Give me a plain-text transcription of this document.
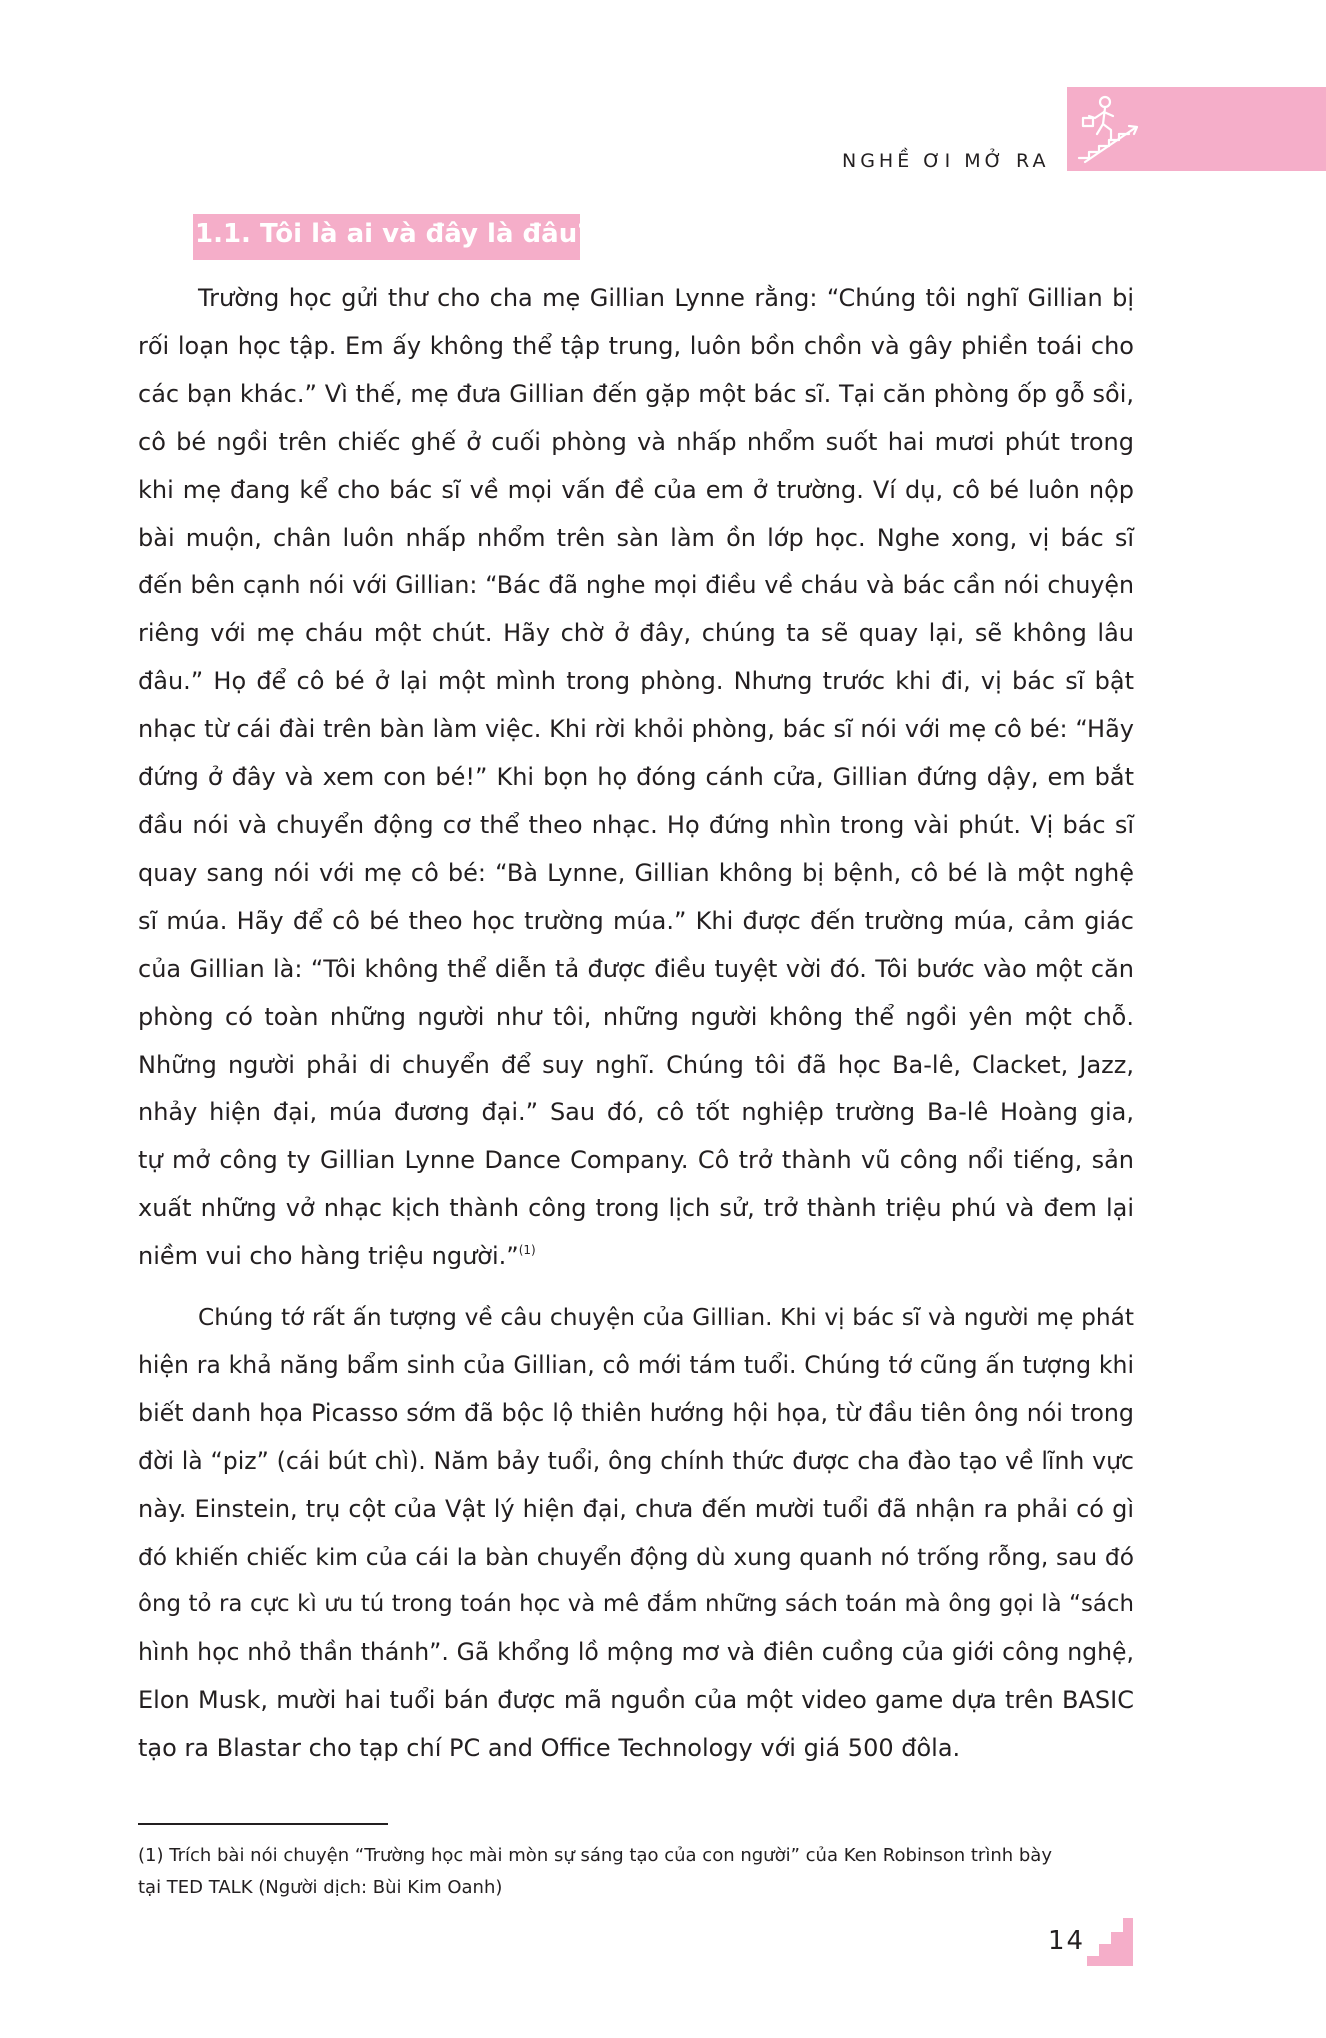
NGHỀ ƠI MỞ RA
1.1. Tôi là ai và đây là đâu?
Trường học gửi thư cho cha mẹ Gillian Lynne rằng: “Chúng tôi nghĩ Gillian bị
rối loạn học tập. Em ấy không thể tập trung, luôn bồn chồn và gây phiền toái cho
các bạn khác.” Vì thế, mẹ đưa Gillian đến gặp một bác sĩ. Tại căn phòng ốp gỗ sồi,
cô bé ngồi trên chiếc ghế ở cuối phòng và nhấp nhổm suốt hai mươi phút trong
khi mẹ đang kể cho bác sĩ về mọi vấn đề của em ở trường. Ví dụ, cô bé luôn nộp
bài muộn, chân luôn nhấp nhổm trên sàn làm ồn lớp học. Nghe xong, vị bác sĩ
đến bên cạnh nói với Gillian: “Bác đã nghe mọi điều về cháu và bác cần nói chuyện
riêng với mẹ cháu một chút. Hãy chờ ở đây, chúng ta sẽ quay lại, sẽ không lâu
đâu.” Họ để cô bé ở lại một mình trong phòng. Nhưng trước khi đi, vị bác sĩ bật
nhạc từ cái đài trên bàn làm việc. Khi rời khỏi phòng, bác sĩ nói với mẹ cô bé: “Hãy
đứng ở đây và xem con bé!” Khi bọn họ đóng cánh cửa, Gillian đứng dậy, em bắt
đầu nói và chuyển động cơ thể theo nhạc. Họ đứng nhìn trong vài phút. Vị bác sĩ
quay sang nói với mẹ cô bé: “Bà Lynne, Gillian không bị bệnh, cô bé là một nghệ
sĩ múa. Hãy để cô bé theo học trường múa.” Khi được đến trường múa, cảm giác
của Gillian là: “Tôi không thể diễn tả được điều tuyệt vời đó. Tôi bước vào một căn
phòng có toàn những người như tôi, những người không thể ngồi yên một chỗ.
Những người phải di chuyển để suy nghĩ. Chúng tôi đã học Ba-lê, Clacket, Jazz,
nhảy hiện đại, múa đương đại.” Sau đó, cô tốt nghiệp trường Ba-lê Hoàng gia,
tự mở công ty Gillian Lynne Dance Company. Cô trở thành vũ công nổi tiếng, sản
xuất những vở nhạc kịch thành công trong lịch sử, trở thành triệu phú và đem lại
niềm vui cho hàng triệu người.”$^{(1)}$
Chúng tớ rất ấn tượng về câu chuyện của Gillian. Khi vị bác sĩ và người mẹ phát
hiện ra khả năng bẩm sinh của Gillian, cô mới tám tuổi. Chúng tớ cũng ấn tượng khi
biết danh họa Picasso sớm đã bộc lộ thiên hướng hội họa, từ đầu tiên ông nói trong
đời là “piz” (cái bút chì). Năm bảy tuổi, ông chính thức được cha đào tạo về lĩnh vực
này. Einstein, trụ cột của Vật lý hiện đại, chưa đến mười tuổi đã nhận ra phải có gì
đó khiến chiếc kim của cái la bàn chuyển động dù xung quanh nó trống rỗng, sau đó
ông tỏ ra cực kì ưu tú trong toán học và mê đắm những sách toán mà ông gọi là “sách
hình học nhỏ thần thánh”. Gã khổng lồ mộng mơ và điên cuồng của giới công nghệ,
Elon Musk, mười hai tuổi bán được mã nguồn của một video game dựa trên BASIC
tạo ra Blastar cho tạp chí PC and Office Technology với giá 500 đôla.
(1) Trích bài nói chuyện “Trường học mài mòn sự sáng tạo của con người” của Ken Robinson trình bày
tại TED TALK (Người dịch: Bùi Kim Oanh)
14
